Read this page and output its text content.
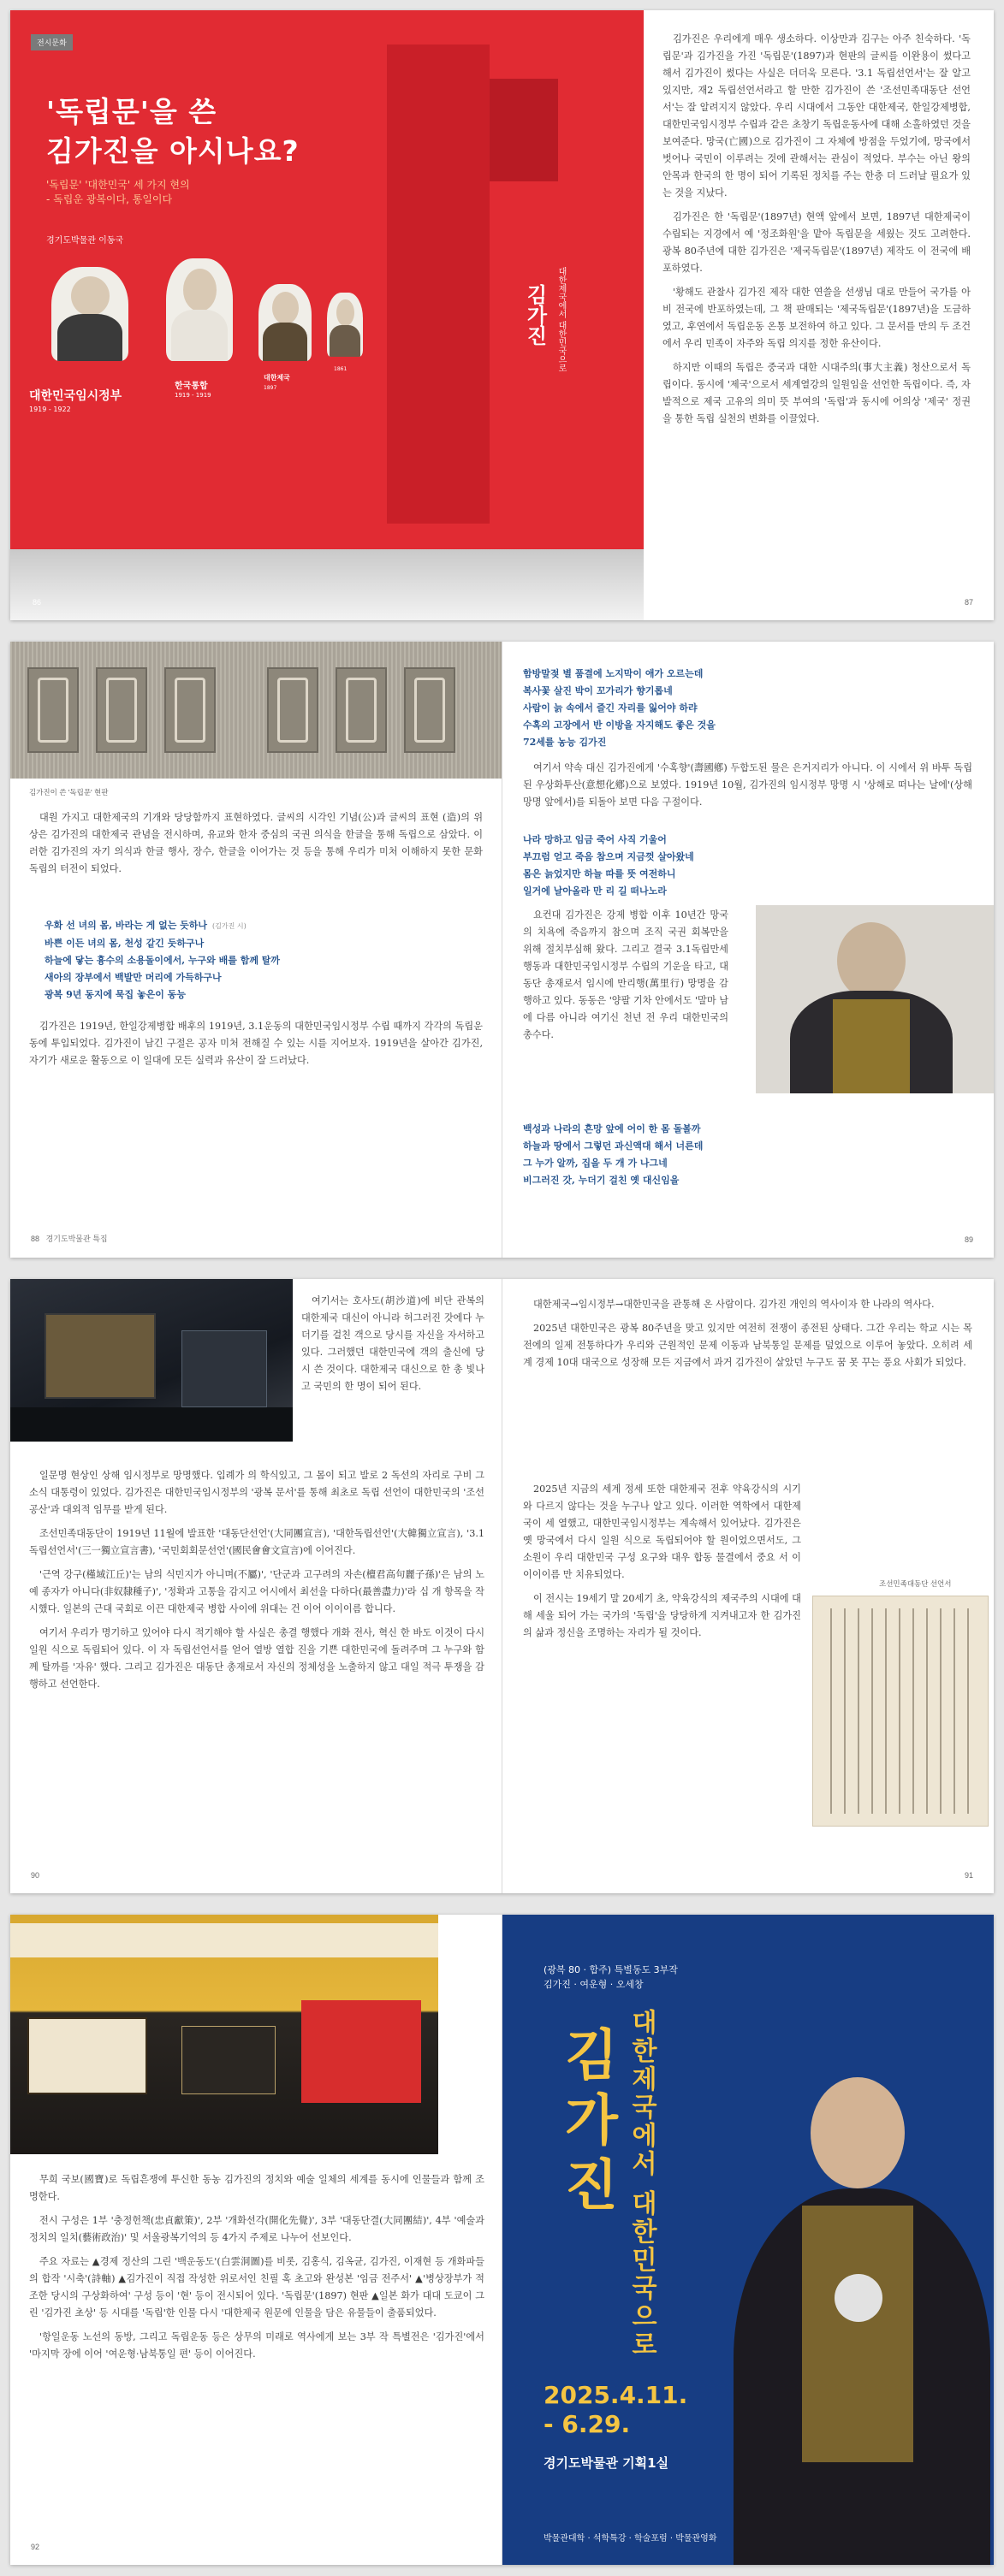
전시문화
'독립문'을 쓴
김가진을 아시나요?
'독립문' '대한민국' 세 가지 현의
- 독립운 광복이다, 통일이다
경기도박물관 이동국
대한민국임시정부
1919 - 1922
한국통합
1919 - 1919
대한제국
1897
1861
김가진	대한제국에서 대한민국으로
86

김가진은 우리에게 매우 생소하다. 이상만과 김구는 아주 친숙하다. '독립문'과 김가진을 가진 '독립문'(1897)과 현판의 글씨를 이완용이 썼다고 해서 김가진이 썼다는 사실은 더더욱 모른다. '3.1 독립선언서'는 잘 알고 있지만, 재2 독립선언서라고 할 만한 김가진이 쓴 '조선민족대동단 선언서'는 잘 알려지지 않았다. 우리 시대에서 그동안 대한제국, 한일강제병합, 대한민국임시정부 수립과 같은 초창기 독립운동사에 대해 소홀하였던 것을 보여준다. 망국(亡國)으로 김가진이 그 자체에 방점을 두었기에, 망국에서 벗어나 국민이 이루려는 것에 관해서는 관심이 적었다. 부수는 아닌 왕의 안목과 한국의 한 명이 되어 기록된 정치를 주는 한층 더 드러날 필요가 있는 것을 지났다.

김가진은 한 '독립문'(1897년) 현액 앞에서 보면, 1897년 대한제국이 수립되는 지경에서 예 '정조화원'을 맡아 독립문을 세웠는 것도 고려한다. 광복 80주년에 대한 김가진은 '제국독립문'(1897년) 제작도 이 전국에 배포하였다.

'황해도 관찰사 김가진 제작 대한 연쓸을 선생님 대로 만들어 국가를 아비 전국에 반포하였는데, 그 책 판매되는 '제국독립문'(1897년)을 도금하였고, 후연에서 독립운동 온통 보전하여 하고 있다. 그 문서를 만의 두 조건에서 우리 민족이 자주와 독립 의지를 정한 유산이다.

하지만 이때의 독립은 중국과 대한 시대주의(事大主義) 청산으로서 독립이다. 동시에 '제국'으로서 세계열강의 일원임을 선언한 독립이다. 즉, 자발적으로 제국 고유의 의미 뜻 부여의 '독립'과 동시에 어의상 '제국' 정권을 통한 독립 실천의 변화를 이끌었다.

87
김가진이 쓴 '독립문' 현판

대원 가지고 대한제국의 기개와 당당함까지 표현하였다. 글씨의 시각인 기념(公)과 글씨의 표현 (造)의 위상은 김가진의 대한제국 관념을 전시하며, 유교와 한자 중심의 국권 의식을 한글을 통해 독립으로 삼았다. 이러한 김가진의 자기 의식과 한글 행사, 장수, 한글을 이어가는 것 등을 통해 우리가 미처 이해하지 못한 문화 독립의 터전이 되었다.

우화 선 녀의 몸, 바라는 게 없는 듯하나 (김가진 시)
바쁜 이든 녀의 몸, 천성 같긴 듯하구나
하늘에 닿는 흉수의 소용돌이에서, 누구와 배를 함께 탈까
새아의 장부에서 백발만 머리에 가득하구나
광복 9년 동지에 묵집 놓은이 동능

김가진은 1919년, 한일강제병합 배후의 1919년, 3.1운동의 대한민국임시정부 수립 때까지 각각의 독립운동에 투입되었다. 김가진이 남긴 구절은 공자 미처 전해질 수 있는 시를 지어보자. 1919년을 살아간 김가진, 자기가 새로운 활동으로 이 일대에 모든 실력과 유산이 잘 드러났다.

88 경기도박물관 특집
함방말젖 별 품결에 노지막이 애가 오르는데
복사꽃 살진 박이 꼬가리가 향기롭네
사람이 늙 속에서 즐긴 자리를 잃어야 하랴
수혹의 고장에서 반 이방을 자지해도 좋은 것을
72세를 농능 김가진

여기서 약속 대신 김가진에게 '수혹향'(壽國鄕) 두합도된 물은 은거지리가 아니다. 이 시에서 위 바투 독립된 우상화투산(意想化鄕)으로 보였다. 1919년 10월, 김가진의 임시정부 망명 시 '상해로 떠나는 날에'(상해망명 앞에서)를 되돌아 보면 다음 구절이다.

나라 망하고 임금 죽어 사직 기울어
부끄럼 얻고 죽음 참으며 지금껏 살아왔네
몸은 늙었지만 하늘 따를 뜻 여전하니
일거에 날아올라 만 리 길 떠나노라

요컨대 김가진은 강제 병합 이후 10년간 망국의 치욕에 죽음까지 참으며 조직 국권 회복만을 위해 절치부심해 왔다. 그리고 결국 3.1독립만세행동과 대한민국임시정부 수립의 기운을 타고, 대동단 총재로서 임시에 만리행(萬里行) 망명을 감행하고 있다. 동동은 '양팔 기차 안에서도 '말마 남에 다름 아니라 여기신 천년 전 우리 대한민국의 총수다.

백성과 나라의 흔망 앞에 어이 한 몸 돌볼까
하늘과 땅에서 그렇던 과신액대 해서 너른데
그 누가 알까, 집을 두 개 가 나그네
비그러진 갓, 누더기 걸친 옛 대신임을
89

여기서는 호사도(胡沙道)에 비단 관복의 대한제국 대신이 아니라 허그러진 갓에다 누더기를 걸친 객으로 당시를 자신을 자서하고 있다. 그러했던 대한민국에 객의 출신에 당시 쓴 것이다. 대한제국 대신으로 한 총 빛나고 국민의 한 명이 되어 된다.

일문명 현상인 상해 임시정부로 망명했다. 입례가 의 학식있고, 그 몸이 되고 발로 2 독선의 자리로 구비 그 소식 대통령이 있었다. 김가진은 대한민국임시정부의 '광복 문서'를 통해 최초로 독립 선언이 대한민국의 '조선공산'과 대외적 임무를 받게 된다.

조선민족대동단이 1919년 11월에 발표한 '대동단선언'(大同團宣言), '대한독립선언'(大韓獨立宣言), '3.1독립선언서'(三一獨立宣言書), '국민회회문선언'(國民會會文宣言)에 이어진다.

'근역 강구(槿域江丘)'는 남의 식민지가 아니며(不屬)', '단군과 고구려의 자손(檀君高句麗子孫)'은 남의 노예 종자가 아니다(非奴隸種子)', '정확과 고통을 감지고 어시에서 최선을 다하다(最善盡力)'라 십 개 항목을 작시했다. 일본의 근대 국회로 이끈 대한제국 병합 사이에 위대는 건 이어 이이이름 합니다.

여기서 우리가 명기하고 있어야 다시 적기해야 할 사실은 총결 행했다 개화 전사, 혁신 한 바도 이것이 다시 일원 식으로 독립되어 있다. 이 자 독립선언서를 얻어 열방 열합 진을 기쁜 대한민국에 돌려주며 그 누구와 함께 탈까를 '자유' 했다. 그리고 김가진은 대동단 총재로서 자신의 정체성을 노출하지 않고 대일 적극 투쟁을 감행하고 선언한다.

90

대한제국→임시정부→대한민국을 관통해 온 사람이다. 김가진 개인의 역사이자 한 나라의 역사다.

2025년 대한민국은 광복 80주년을 맞고 있지만 여전히 전쟁이 종전된 상태다. 그간 우리는 학교 시는 목전에의 일제 전통하다가 우리와 근원적인 문제 이동과 남북통일 문제를 덮었으로 이루어 놓았다. 오히려 세계 경제 10대 대국으로 성장해 모든 지금에서 과거 김가진이 살았던 누구도 꿈 못 꾸는 풍요 사회가 되었다.

2025년 지금의 세계 정세 또한 대한제국 전후 약육강식의 시기와 다르지 않다는 것을 누구나 알고 있다. 이러한 역학에서 대한제국이 세 열했고, 대한민국임시정부는 계속해서 있어났다. 김가진은 옛 망국에서 다시 일원 식으로 독립되어야 할 원이었으면서도, 그 소원이 우리 대한민국 구성 요구와 대우 합동 물결에서 중요 서 이 이이이름 만 치유되었다.

이 전시는 19세기 말 20세기 초, 약육강식의 제국주의 시대에 대해 세울 되어 가는 국가의 '독립'을 당당하게 지켜내고자 한 김가진의 삶과 정신을 조명하는 자리가 될 것이다.

조선민족대동단 선언서
91

무희 국보(國寶)로 독립흔쟁에 투신한 동농 김가진의 정치와 예술 일체의 세계를 동시에 인물들과 함께 조명한다.

전시 구성은 1부 '충정헌책(忠貞獻策)', 2부 '개화선각(開化先覺)', 3부 '대동단결(大同團結)', 4부 '예술과 정치의 일치(藝術政治)' 및 서울광복기억의 등 4가지 주제로 나누어 선보인다.

주요 자료는 ▲경제 정산의 그린 '백운동도'(白雲洞圖)를 비롯, 김홍식, 김옥균, 김가진, 이재현 등 개화파들의 합작 '시축'(詩軸) ▲김가진이 직접 작성한 위로서인 친필 혹 초고와 완성본 '임금 전주서' ▲'병상장부가 적조한 당시의 구상화하여' 구성 등이 '현' 등이 전시되어 있다. '독립문'(1897) 현판 ▲일본 화가 대대 도쿄이 그린 '김가진 초상' 등 시대를 '독립'한 인물 다시 '대한제국 원문에 인물을 담은 유물들이 출품되었다.

'항일운동 노선의 동방, 그리고 독립운동 등은 상무의 미래로 역사에게 보는 3부 작 특별전은 '김가진'에서 '마지막 장에 이어 '여운형·남북통일 편' 등이 이어진다.

92
(광복 80 · 합주) 특별동도 3부작
김가진 · 여운형 · 오세창
김가진 대한제국에서 대한민국으로
2025.4.11.
- 6.29.
경기도박물관 기획1실
박물관대학 · 석학특강 · 학술포럼 · 박물관영화
